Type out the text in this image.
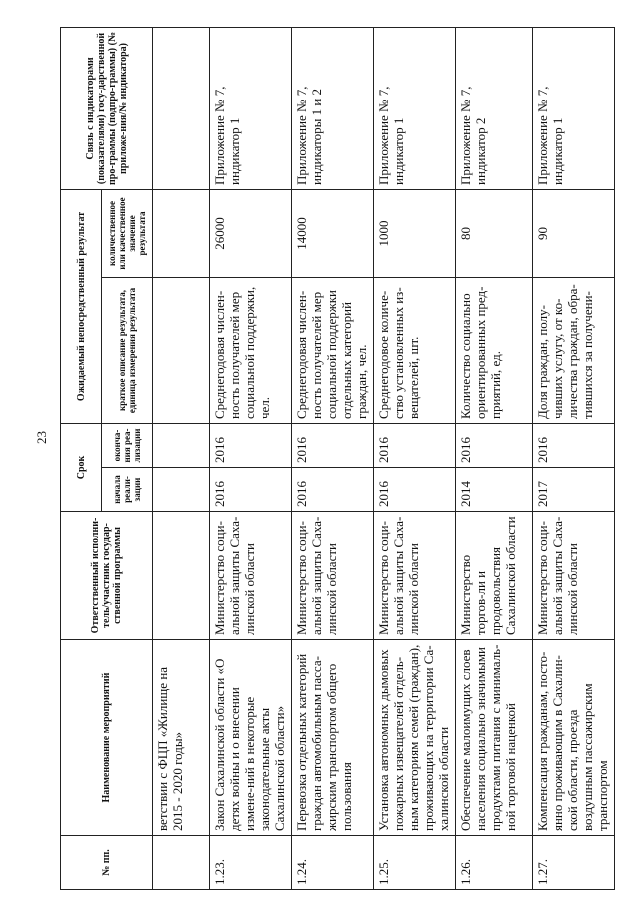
23
№ пп.	Наименование мероприятий	Ответственный исполни-тель/участник государ-ственной программы	Срок		Ожидаемый непосредственный результат		Связь с индикаторами (показателями) госу-дарственной про-граммы (подпро-граммы) (№ приложе-ния/№ индикатора)
			начала реали-зации	оконча-ния реа-лизации	краткое описание результата, единица измерения результата	количественное или качественное значение результата	
	ветствии с ФЦП «Жилище на 2015 - 2020 годы»						
1.23.	Закон Сахалинской области «О детях войны и о внесении измене-ний в некоторые законодательные акты Сахалинской области»	Министерство соци-альной защиты Саха-линской области	2016	2016	Среднегодовая числен-ность получателей мер социальной поддержки, чел.	26000	Приложение № 7, индикатор 1
1.24.	Перевозка отдельных категорий граждан автомобильным пасса-жирским транспортом общего пользования	Министерство соци-альной защиты Саха-линской области	2016	2016	Среднегодовая числен-ность получателей мер социальной поддержки отдельных категорий граждан, чел.	14000	Приложение № 7, индикаторы 1 и 2
1.25.	Установка автономных дымовых пожарных извещателей отдель-ным категориям семей (граждан), проживающих на территории Са-халинской области	Министерство соци-альной защиты Саха-линской области	2016	2016	Среднегодовое количе-ство установленных из-вещателей, шт.	1000	Приложение № 7, индикатор 1
1.26.	Обеспечение малоимущих слоев населения социально значимыми продуктами питания с минималь-ной торговой наценкой	Министерство торгов-ли и продовольствия Сахалинской области	2014	2016	Количество социально ориентированных пред-приятий, ед.	80	Приложение № 7, индикатор 2
1.27.	Компенсация гражданам, посто-янно проживающим в Сахалин-ской области, проезда воздушным пассажирским транспортом	Министерство соци-альной защиты Саха-линской области	2017	2016	Доля граждан, полу-чивших услугу, от ко-личества граждан, обра-тившихся за получени-	90	Приложение № 7, индикатор 1
